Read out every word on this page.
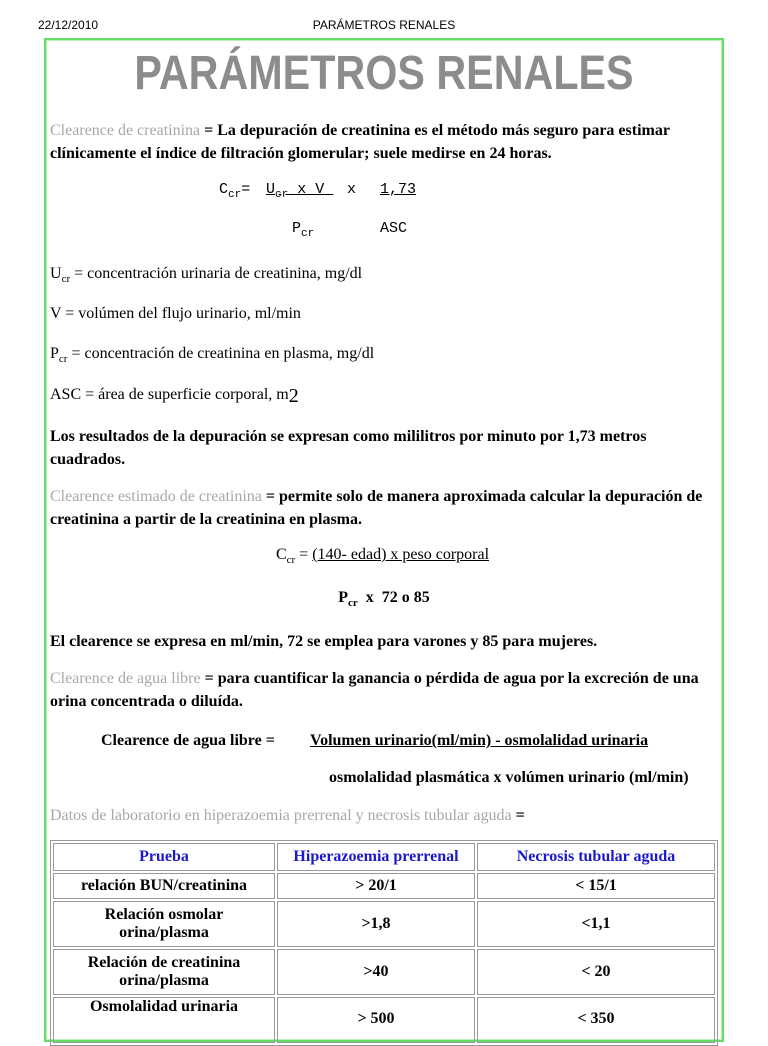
22/12/2010	PARÁMETROS RENALES
PARÁMETROS RENALES
Clearence de creatinina = La depuración de creatinina es el método más seguro para estimar clínicamente el índice de filtración glomerular; suele medirse en 24 horas.
$C_{cr}= U_{cr}$ x V	x 1,73
$P_{cr}$	ASC
$U_{cr}$ = concentración urinaria de creatinina, mg/dl
V = volúmen del flujo urinario, ml/min
$P_{cr}$ = concentración de creatinina en plasma, mg/dl
ASC = área de superficie corporal, m2
Los resultados de la depuración se expresan como mililitros por minuto por 1,73 metros cuadrados.
Clearence estimado de creatinina = permite solo de manera aproximada calcular la depuración de creatinina a partir de la creatinina en plasma.
$C_{cr} = (140-$ edad) x peso corporal
$P_{cr}$  x  72 o 85
El clearence se expresa en ml/min, 72 se emplea para varones y 85 para mujeres.
Clearence de agua libre = para cuantificar la ganancia o pérdida de agua por la excreción de una orina concentrada o diluída.
Clearence de agua libre = Volumen urinario(ml/min) - osmolalidad urinaria
osmolalidad plasmática x volúmen urinario (ml/min)
Datos de laboratorio en hiperazoemia prerrenal y necrosis tubular aguda =
Prueba	Hiperazoemia prerrenal	Necrosis tubular aguda
relación BUN/creatinina	> 20/1	< 15/1
Relación osmolar orina/plasma	>1,8	<1,1
Relación de creatinina orina/plasma	>40	< 20
Osmolalidad urinaria	> 500	< 350
